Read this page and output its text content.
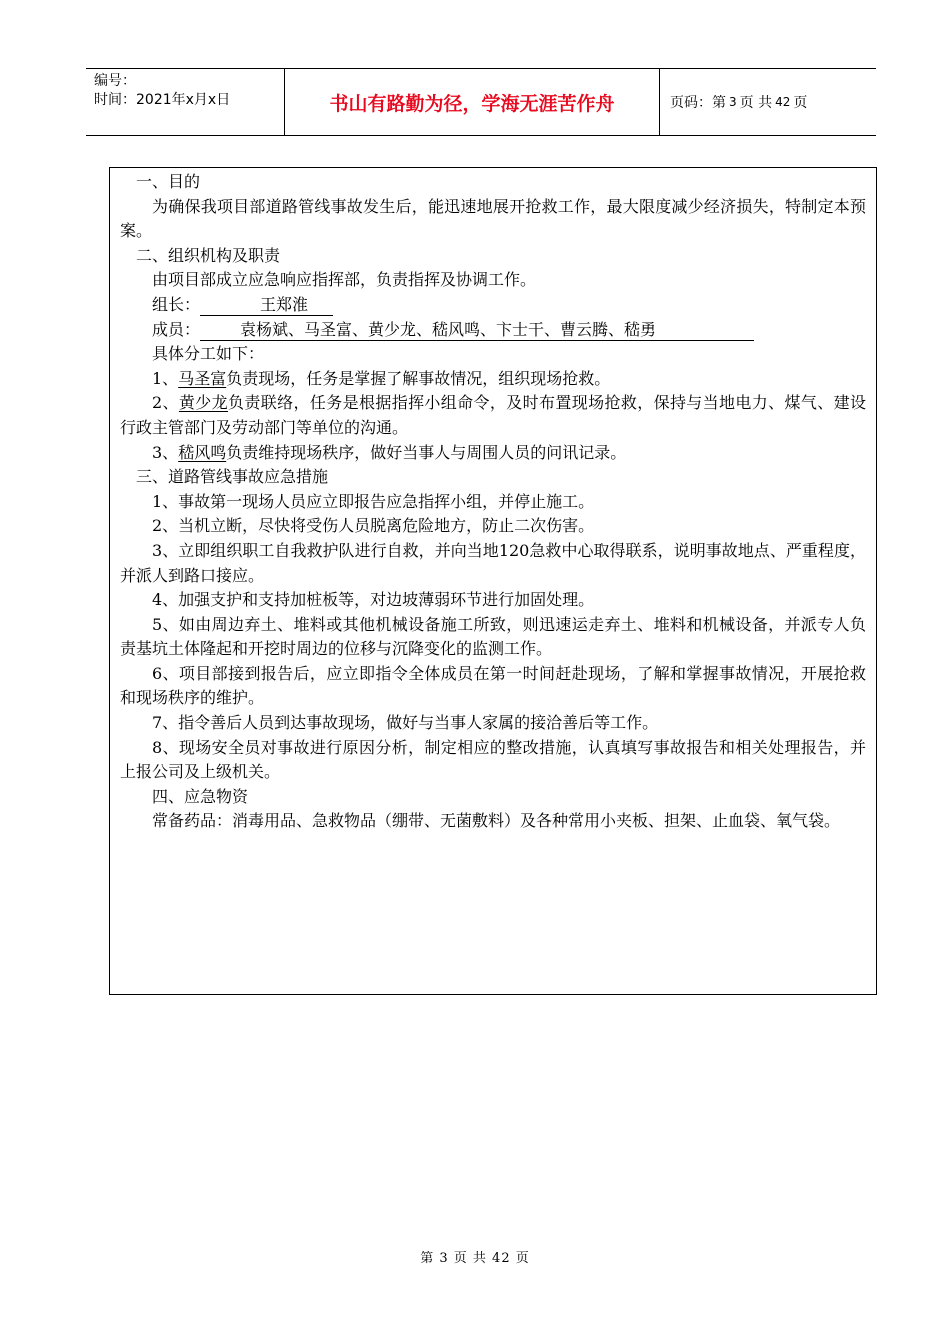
编号：
时间：2021年x月x日	书山有路勤为径，学海无涯苦作舟	页码：第 3 页 共 42 页

一、目的

为确保我项目部道路管线事故发生后，能迅速地展开抢救工作，最大限度减少经济损失，特制定本预案。

二、组织机构及职责

由项目部成立应急响应指挥部，负责指挥及协调工作。

组长：	王郑淮

成员：	袁杨斌、马圣富、黄少龙、嵇风鸣、卞士干、曹云腾、嵇勇

具体分工如下：

1、马圣富负责现场，任务是掌握了解事故情况，组织现场抢救。

2、黄少龙负责联络，任务是根据指挥小组命令，及时布置现场抢救，保持与当地电力、煤气、建设行政主管部门及劳动部门等单位的沟通。

3、嵇风鸣负责维持现场秩序，做好当事人与周围人员的问讯记录。

三、道路管线事故应急措施

1、事故第一现场人员应立即报告应急指挥小组，并停止施工。

2、当机立断，尽快将受伤人员脱离危险地方，防止二次伤害。

3、立即组织职工自我救护队进行自救，并向当地120急救中心取得联系，说明事故地点、严重程度，并派人到路口接应。

4、加强支护和支持加桩板等，对边坡薄弱环节进行加固处理。

5、如由周边弃土、堆料或其他机械设备施工所致，则迅速运走弃土、堆料和机械设备，并派专人负责基坑土体隆起和开挖时周边的位移与沉降变化的监测工作。

6、项目部接到报告后，应立即指令全体成员在第一时间赶赴现场，了解和掌握事故情况，开展抢救和现场秩序的维护。

7、指令善后人员到达事故现场，做好与当事人家属的接洽善后等工作。

8、现场安全员对事故进行原因分析，制定相应的整改措施，认真填写事故报告和相关处理报告，并上报公司及上级机关。

四、应急物资

常备药品：消毒用品、急救物品（绷带、无菌敷料）及各种常用小夹板、担架、止血袋、氧气袋。

第 3 页 共 42 页
